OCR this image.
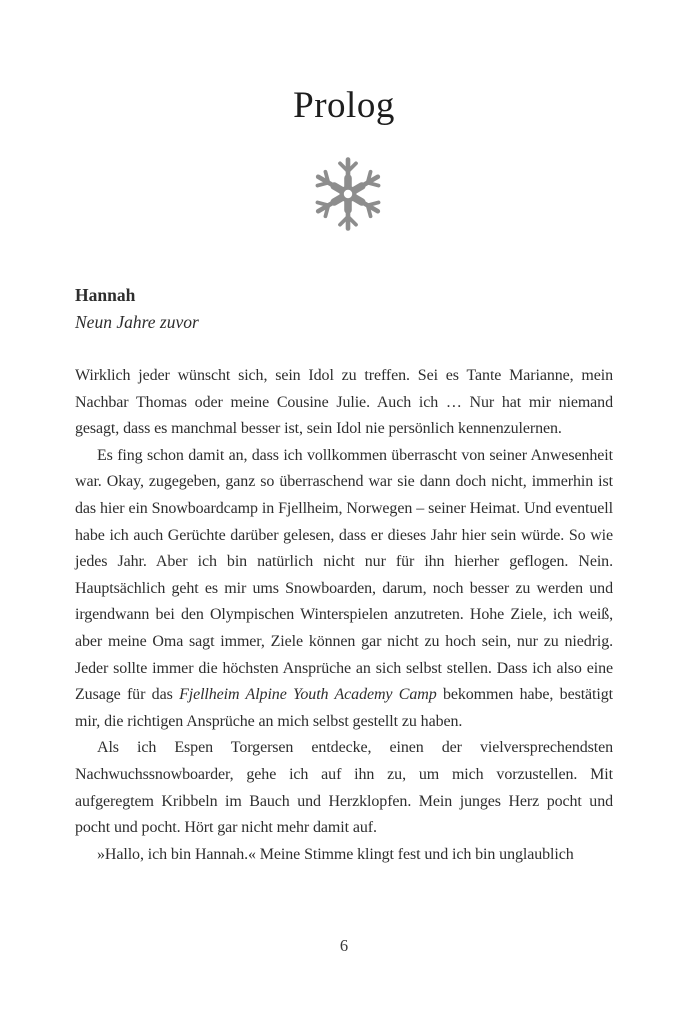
Prolog

Hannah

Neun Jahre zuvor

Wirklich jeder wünscht sich, sein Idol zu treffen. Sei es Tante Marianne, mein Nachbar Thomas oder meine Cousine Julie. Auch ich … Nur hat mir niemand gesagt, dass es manchmal besser ist, sein Idol nie persönlich kennenzulernen.

Es fing schon damit an, dass ich vollkommen überrascht von seiner Anwesenheit war. Okay, zugegeben, ganz so überraschend war sie dann doch nicht, immerhin ist das hier ein Snowboardcamp in Fjellheim, Norwegen – seiner Heimat. Und eventuell habe ich auch Gerüchte darüber gelesen, dass er dieses Jahr hier sein würde. So wie jedes Jahr. Aber ich bin natürlich nicht nur für ihn hierher geflogen. Nein. Hauptsächlich geht es mir ums Snowboarden, darum, noch besser zu werden und irgendwann bei den Olympischen Winterspielen anzutreten. Hohe Ziele, ich weiß, aber meine Oma sagt immer, Ziele können gar nicht zu hoch sein, nur zu niedrig. Jeder sollte immer die höchsten Ansprüche an sich selbst stellen. Dass ich also eine Zusage für das Fjellheim Alpine Youth Academy Camp bekommen habe, bestätigt mir, die richtigen Ansprüche an mich selbst gestellt zu haben.

Als ich Espen Torgersen entdecke, einen der vielversprechendsten Nachwuchssnowboarder, gehe ich auf ihn zu, um mich vorzustellen. Mit aufgeregtem Kribbeln im Bauch und Herzklopfen. Mein junges Herz pocht und pocht und pocht. Hört gar nicht mehr damit auf.

»Hallo, ich bin Hannah.« Meine Stimme klingt fest und ich bin unglaublich

6
